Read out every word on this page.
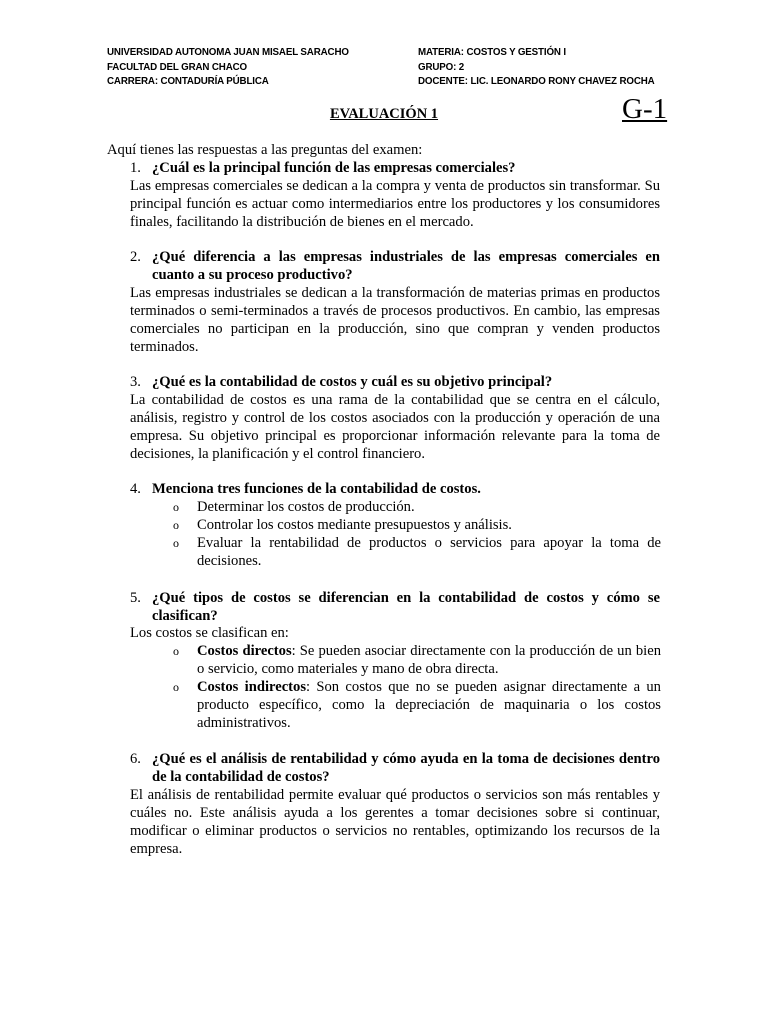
UNIVERSIDAD AUTONOMA JUAN MISAEL SARACHO
FACULTAD DEL GRAN CHACO
CARRERA: CONTADURÍA PÚBLICA
MATERIA: COSTOS Y GESTIÓN I
GRUPO: 2
DOCENTE: LIC. LEONARDO RONY CHAVEZ ROCHA
EVALUACIÓN 1	G-1
Aquí tienes las respuestas a las preguntas del examen:
1. ¿Cuál es la principal función de las empresas comerciales?
Las empresas comerciales se dedican a la compra y venta de productos sin transformar. Su principal función es actuar como intermediarios entre los productores y los consumidores finales, facilitando la distribución de bienes en el mercado.
2. ¿Qué diferencia a las empresas industriales de las empresas comerciales en cuanto a su proceso productivo?
Las empresas industriales se dedican a la transformación de materias primas en productos terminados o semi-terminados a través de procesos productivos. En cambio, las empresas comerciales no participan en la producción, sino que compran y venden productos terminados.
3. ¿Qué es la contabilidad de costos y cuál es su objetivo principal?
La contabilidad de costos es una rama de la contabilidad que se centra en el cálculo, análisis, registro y control de los costos asociados con la producción y operación de una empresa. Su objetivo principal es proporcionar información relevante para la toma de decisiones, la planificación y el control financiero.
4. Menciona tres funciones de la contabilidad de costos.
o Determinar los costos de producción.
o Controlar los costos mediante presupuestos y análisis.
o Evaluar la rentabilidad de productos o servicios para apoyar la toma de decisiones.
5. ¿Qué tipos de costos se diferencian en la contabilidad de costos y cómo se clasifican?
Los costos se clasifican en:
o Costos directos: Se pueden asociar directamente con la producción de un bien o servicio, como materiales y mano de obra directa.
o Costos indirectos: Son costos que no se pueden asignar directamente a un producto específico, como la depreciación de maquinaria o los costos administrativos.
6. ¿Qué es el análisis de rentabilidad y cómo ayuda en la toma de decisiones dentro de la contabilidad de costos?
El análisis de rentabilidad permite evaluar qué productos o servicios son más rentables y cuáles no. Este análisis ayuda a los gerentes a tomar decisiones sobre si continuar, modificar o eliminar productos o servicios no rentables, optimizando los recursos de la empresa.
